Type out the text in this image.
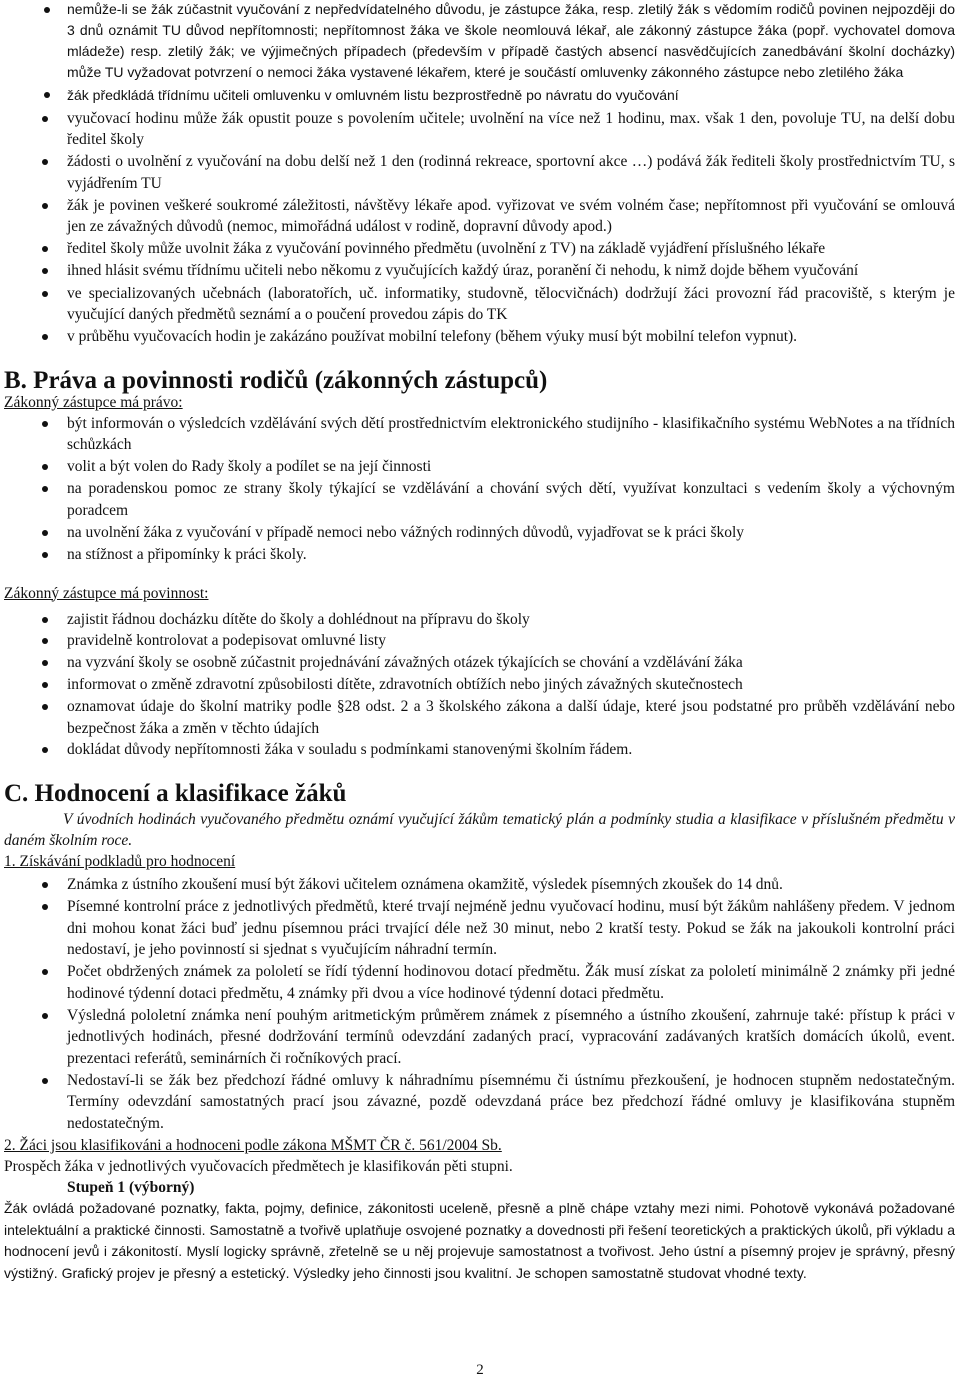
nemůže-li se žák zúčastnit vyučování z nepředvídatelného důvodu, je zástupce žáka, resp. zletilý žák s vědomím rodičů povinen nejpozději do 3 dnů oznámit TU důvod nepřítomnosti; nepřítomnost žáka ve škole neomlouvá lékař, ale zákonný zástupce žáka (popř. vychovatel domova mládeže) resp. zletilý žák; ve výjimečných případech (především v případě častých absencí nasvědčujících zanedbávání školní docházky) může TU vyžadovat potvrzení o nemoci žáka vystavené lékařem, které je součástí omluvenky zákonného zástupce nebo zletilého žáka
žák předkládá třídnímu učiteli omluvenku v omluvném listu bezprostředně po návratu do vyučování
vyučovací hodinu může žák opustit pouze s povolením učitele; uvolnění na více než 1 hodinu, max. však 1 den, povoluje TU, na delší dobu ředitel školy
žádosti o uvolnění z vyučování na dobu delší než 1 den (rodinná rekreace, sportovní akce …) podává žák řediteli školy prostřednictvím TU, s vyjádřením TU
žák je povinen veškeré soukromé záležitosti, návštěvy lékaře apod. vyřizovat ve svém volném čase; nepřítomnost při vyučování se omlouvá jen ze závažných důvodů (nemoc, mimořádná událost v rodině, dopravní důvody apod.)
ředitel školy může uvolnit žáka z vyučování povinného předmětu (uvolnění z TV) na základě vyjádření příslušného lékaře
ihned hlásit svému třídnímu učiteli nebo někomu z vyučujících každý úraz, poranění či nehodu, k nimž dojde během vyučování
ve specializovaných učebnách (laboratořích, uč. informatiky, studovně, tělocvičnách) dodržují žáci provozní řád pracoviště, s kterým je vyučující daných předmětů seznámí a o poučení provedou zápis do TK
v průběhu vyučovacích hodin je zakázáno používat mobilní telefony (během výuky musí být mobilní telefon vypnut).
B. Práva a povinnosti rodičů (zákonných zástupců)
Zákonný zástupce má právo:
být informován o výsledcích vzdělávání svých dětí prostřednictvím elektronického studijního - klasifikačního systému WebNotes a na třídních schůzkách
volit a být volen do Rady školy a podílet se na její činnosti
na poradenskou pomoc ze strany školy týkající se vzdělávání a chování svých dětí, využívat konzultaci s vedením školy a výchovným poradcem
na uvolnění žáka z vyučování v případě nemoci nebo vážných rodinných důvodů, vyjadřovat se k práci školy
na stížnost a připomínky k práci školy.
Zákonný zástupce má povinnost:
zajistit řádnou docházku dítěte do školy a dohlédnout na přípravu do školy
pravidelně kontrolovat a podepisovat omluvné listy
na vyzvání školy se osobně zúčastnit projednávání závažných otázek týkajících se chování a vzdělávání žáka
informovat o změně zdravotní způsobilosti dítěte, zdravotních obtížích nebo jiných závažných skutečnostech
oznamovat údaje do školní matriky podle §28 odst. 2 a 3 školského zákona a další údaje, které jsou podstatné pro průběh vzdělávání nebo bezpečnost žáka a změn v těchto údajích
dokládat důvody nepřítomnosti žáka v souladu s podmínkami stanovenými školním řádem.
C. Hodnocení a klasifikace žáků
V úvodních hodinách vyučovaného předmětu oznámí vyučující žákům tematický plán a podmínky studia a klasifikace v příslušném předmětu v daném školním roce.
1. Získávání podkladů pro hodnocení
Známka z ústního zkoušení musí být žákovi učitelem oznámena okamžitě, výsledek písemných zkoušek do 14 dnů.
Písemné kontrolní práce z jednotlivých předmětů, které trvají nejméně jednu vyučovací hodinu, musí být žákům nahlášeny předem. V jednom dni mohou konat žáci buď jednu písemnou práci trvající déle než 30 minut, nebo 2 kratší testy. Pokud se žák na jakoukoli kontrolní práci nedostaví, je jeho povinností si sjednat s vyučujícím náhradní termín.
Počet obdržených známek za pololetí se řídí týdenní hodinovou dotací předmětu. Žák musí získat za pololetí minimálně 2 známky při jedné hodinové týdenní dotaci předmětu, 4 známky při dvou a více hodinové týdenní dotaci předmětu.
Výsledná pololetní známka není pouhým aritmetickým průměrem známek z písemného a ústního zkoušení, zahrnuje také: přístup k práci v jednotlivých hodinách, přesné dodržování termínů odevzdání zadaných prací, vypracování zadávaných kratších domácích úkolů, event. prezentaci referátů, seminárních či ročníkových prací.
Nedostaví-li se žák bez předchozí řádné omluvy k náhradnímu písemnému či ústnímu přezkoušení, je hodnocen stupněm nedostatečným. Termíny odevzdání samostatných prací jsou závazné, pozdě odevzdaná práce bez předchozí řádné omluvy je klasifikována stupněm nedostatečným.
2. Žáci jsou klasifikováni a hodnoceni podle zákona MŠMT ČR č. 561/2004 Sb.
Prospěch žáka v jednotlivých vyučovacích předmětech je klasifikován pěti stupni.
Stupeň 1 (výborný)
Žák ovládá požadované poznatky, fakta, pojmy, definice, zákonitosti uceleně, přesně a plně chápe vztahy mezi nimi. Pohotově vykonává požadované intelektuální a praktické činnosti. Samostatně a tvořivě uplatňuje osvojené poznatky a dovednosti při řešení teoretických a praktických úkolů, při výkladu a hodnocení jevů i zákonitostí. Myslí logicky správně, zřetelně se u něj projevuje samostatnost a tvořivost. Jeho ústní a písemný projev je správný, přesný výstižný. Grafický projev je přesný a estetický. Výsledky jeho činnosti jsou kvalitní. Je schopen samostatně studovat vhodné texty.
2
